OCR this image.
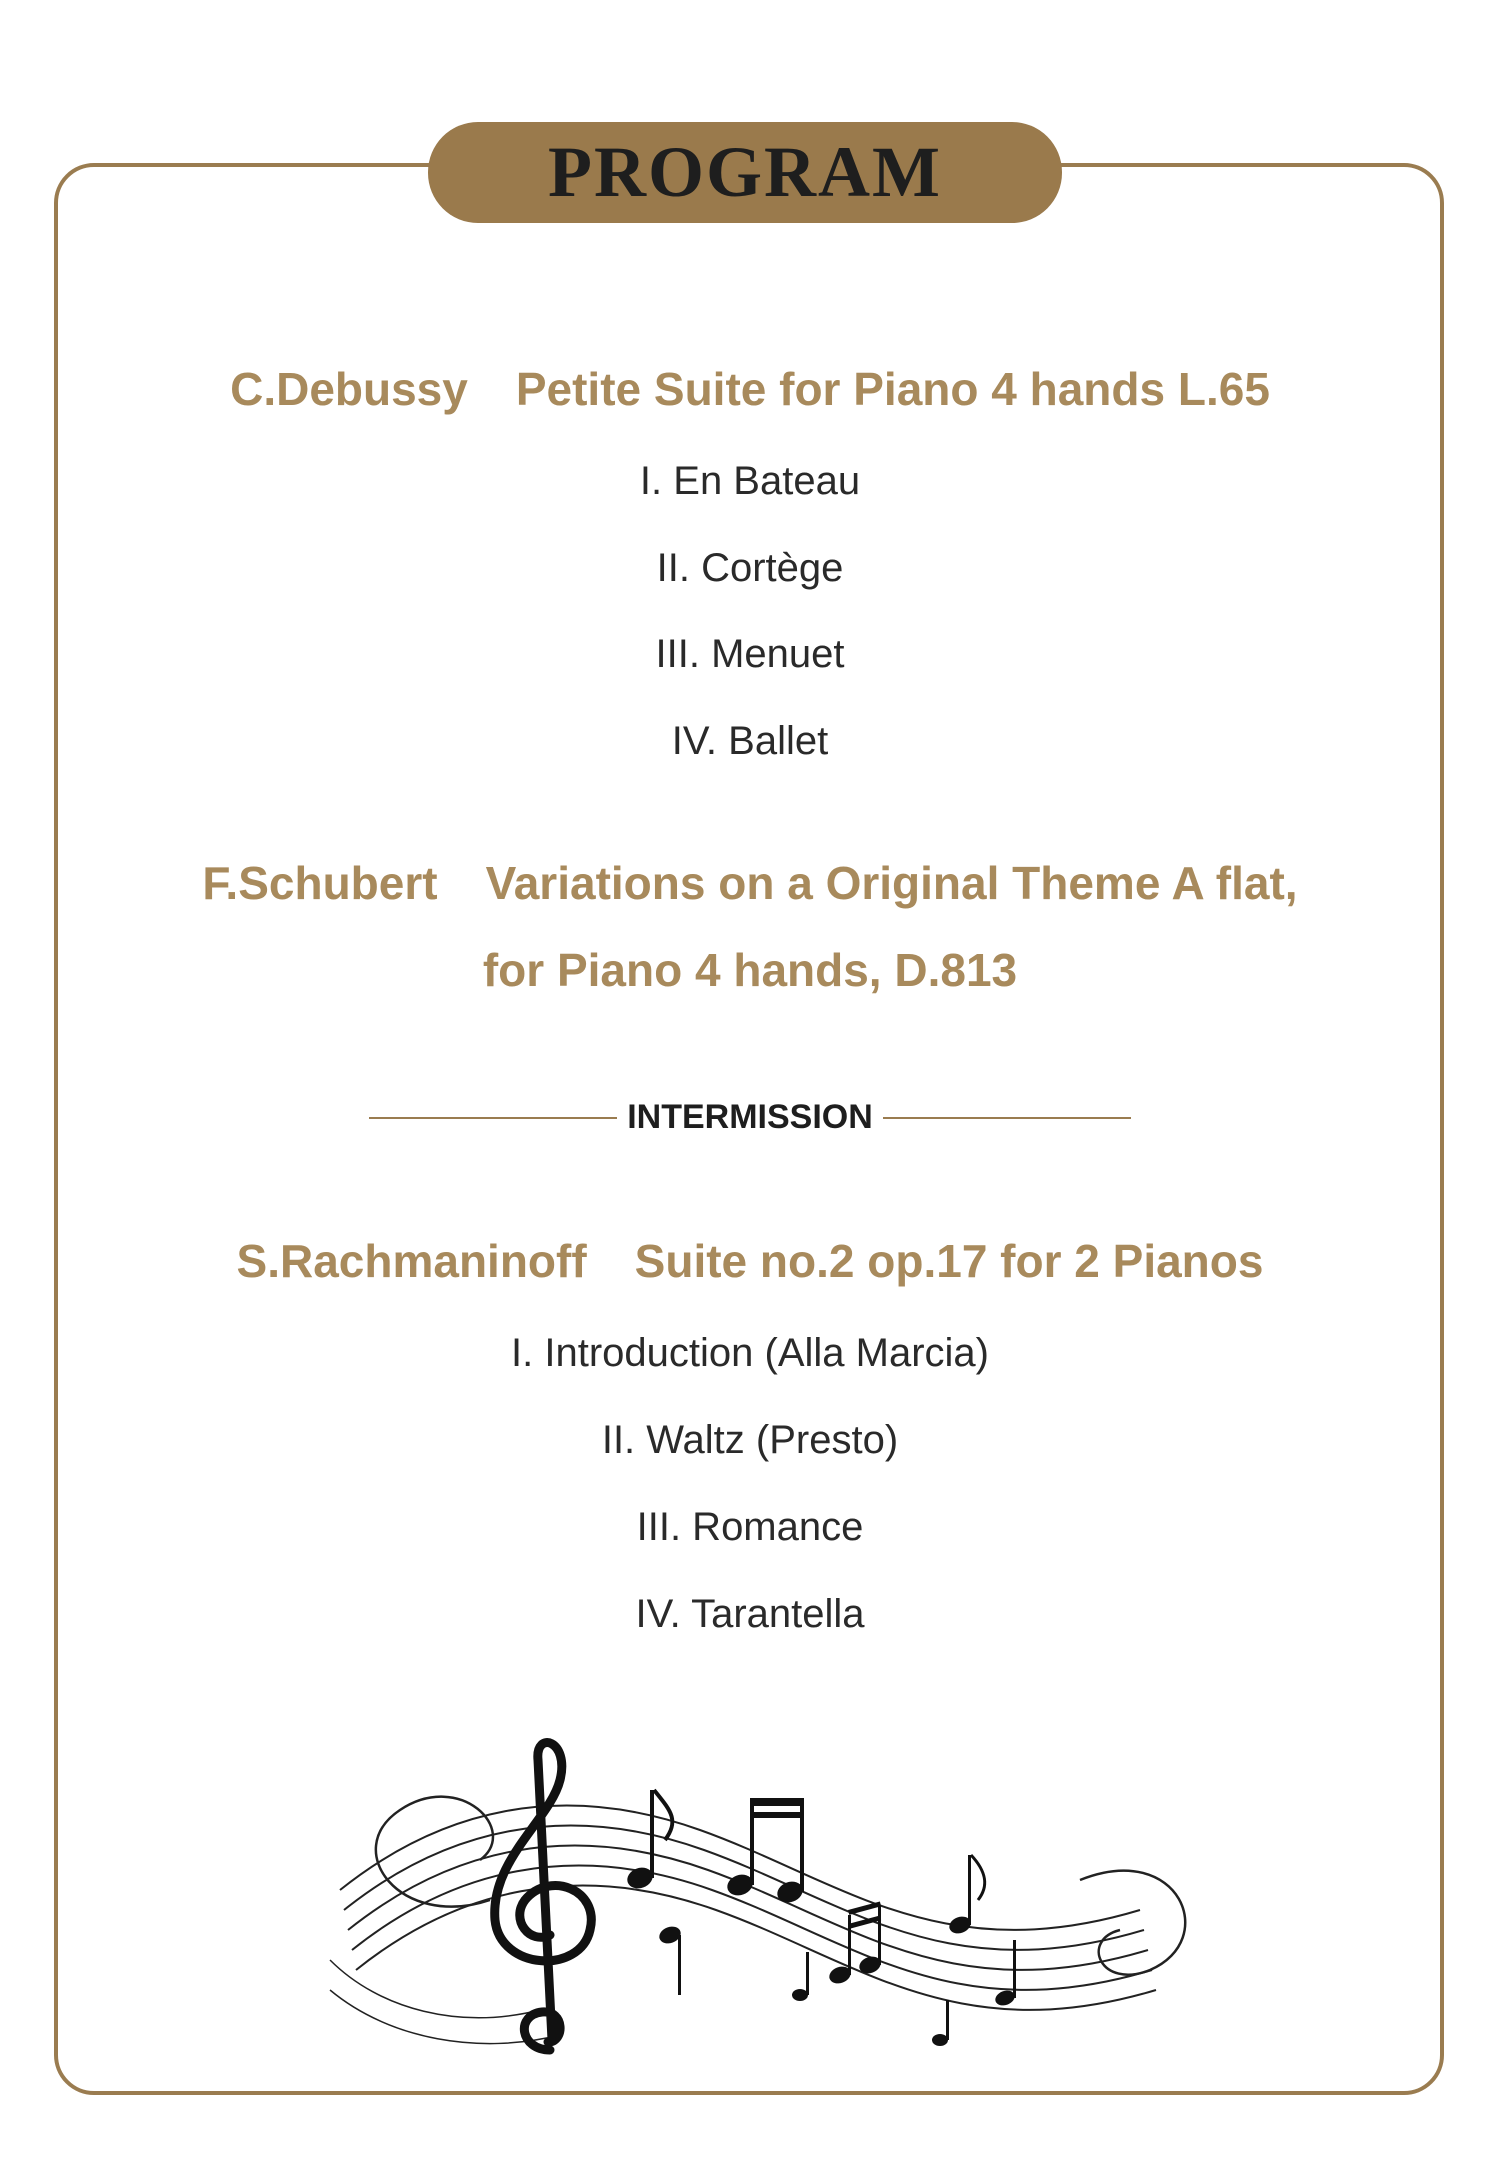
PROGRAM
C.Debussy Petite Suite for Piano 4 hands L.65
I. En Bateau
II. Cortège
III. Menuet
IV. Ballet
F.Schubert Variations on a Original Theme A flat,
for Piano 4 hands, D.813
INTERMISSION
S.Rachmaninoff Suite no.2 op.17 for 2 Pianos
I. Introduction (Alla Marcia)
II. Waltz (Presto)
III. Romance
IV. Tarantella
